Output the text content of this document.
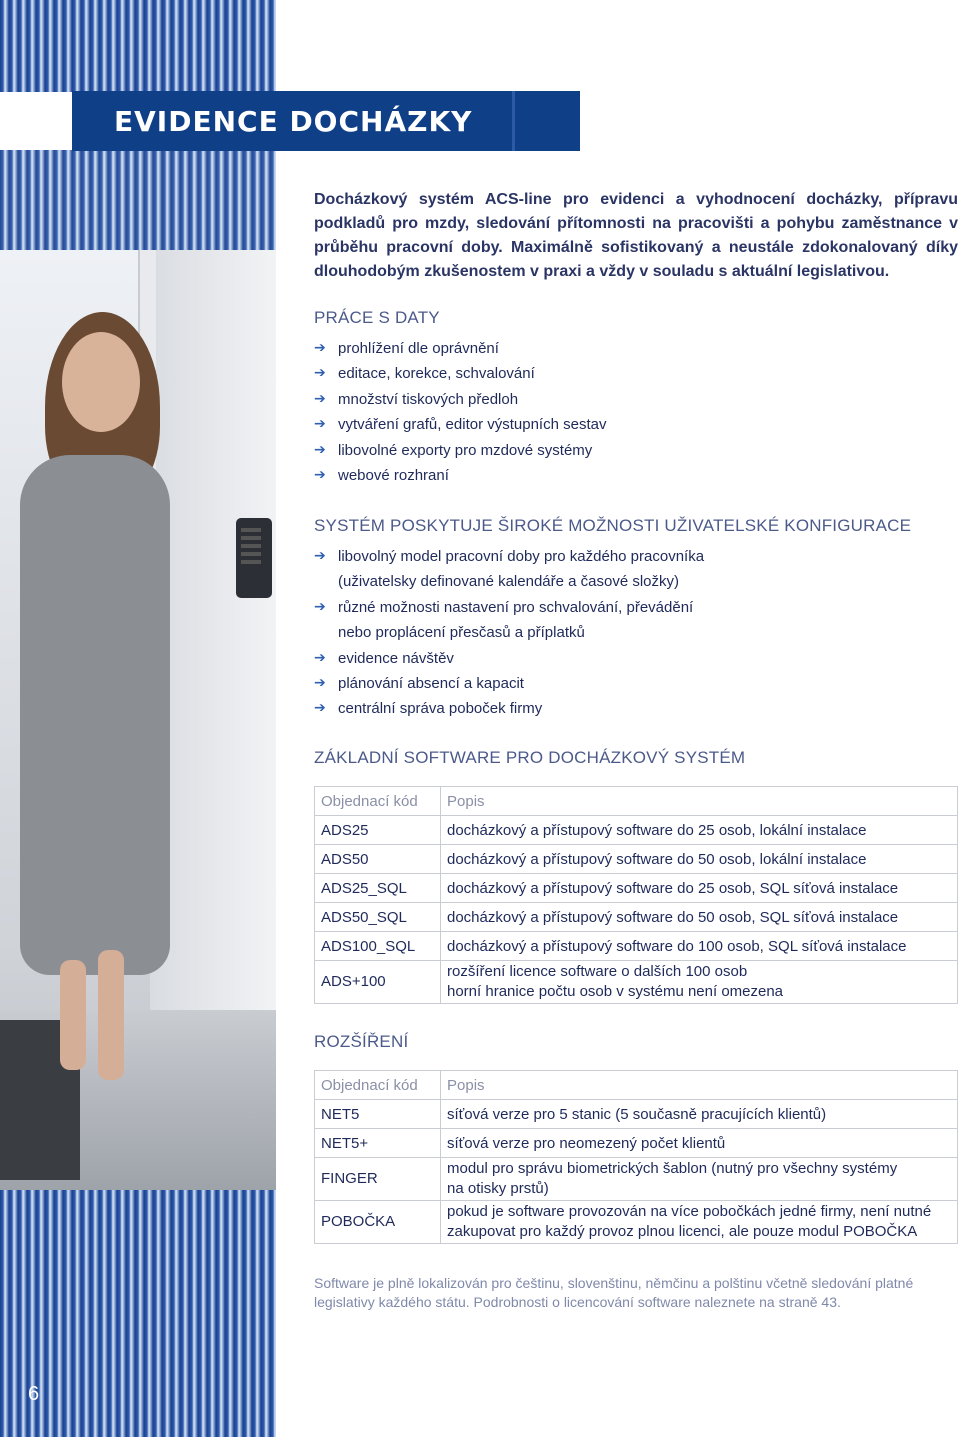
6
EVIDENCE DOCHÁZKY

Docházkový systém ACS-line pro evidenci a vyhodnocení docházky, přípravu podkladů pro mzdy, sledování přítomnosti na pracovišti a pohybu zaměstnance v průběhu pracovní doby. Maximálně sofistikovaný a neustále zdokonalovaný díky dlouhodobým zkušenostem v praxi a vždy v souladu s aktuální legislativou.

PRÁCE S DATY
➔ prohlížení dle oprávnění
➔ editace, korekce, schvalování
➔ množství tiskových předloh
➔ vytváření grafů, editor výstupních sestav
➔ libovolné exporty pro mzdové systémy
➔ webové rozhraní
SYSTÉM POSKYTUJE ŠIROKÉ MOŽNOSTI UŽIVATELSKÉ KONFIGURACE
➔ libovolný model pracovní doby pro každého pracovníka
(uživatelsky definované kalendáře a časové složky)
➔ různé možnosti nastavení pro schvalování, převádění
nebo proplácení přesčasů a příplatků
➔ evidence návštěv
➔ plánování absencí a kapacit
➔ centrální správa poboček firmy
ZÁKLADNÍ SOFTWARE PRO DOCHÁZKOVÝ SYSTÉM
Objednací kód	Popis
ADS25	docházkový a přístupový software do 25 osob, lokální instalace
ADS50	docházkový a přístupový software do 50 osob, lokální instalace
ADS25_SQL	docházkový a přístupový software do 25 osob, SQL síťová instalace
ADS50_SQL	docházkový a přístupový software do 50 osob, SQL síťová instalace
ADS100_SQL	docházkový a přístupový software do 100 osob, SQL síťová instalace
ADS+100	rozšíření licence software o dalších 100 osob
horní hranice počtu osob v systému není omezena
ROZŠÍŘENÍ
Objednací kód	Popis
NET5	síťová verze pro 5 stanic (5 současně pracujících klientů)
NET5+	síťová verze pro neomezený počet klientů
FINGER	modul pro správu biometrických šablon (nutný pro všechny systémy
na otisky prstů)

POBOČKA	pokud je software provozován na více pobočkách jedné firmy, není nutné
zakupovat pro každý provoz plnou licenci, ale pouze modul POBOČKA

Software je plně lokalizován pro češtinu, slovenštinu, němčinu a polštinu včetně sledování platné legislativy každého státu. Podrobnosti o licencování software naleznete na straně 43.
